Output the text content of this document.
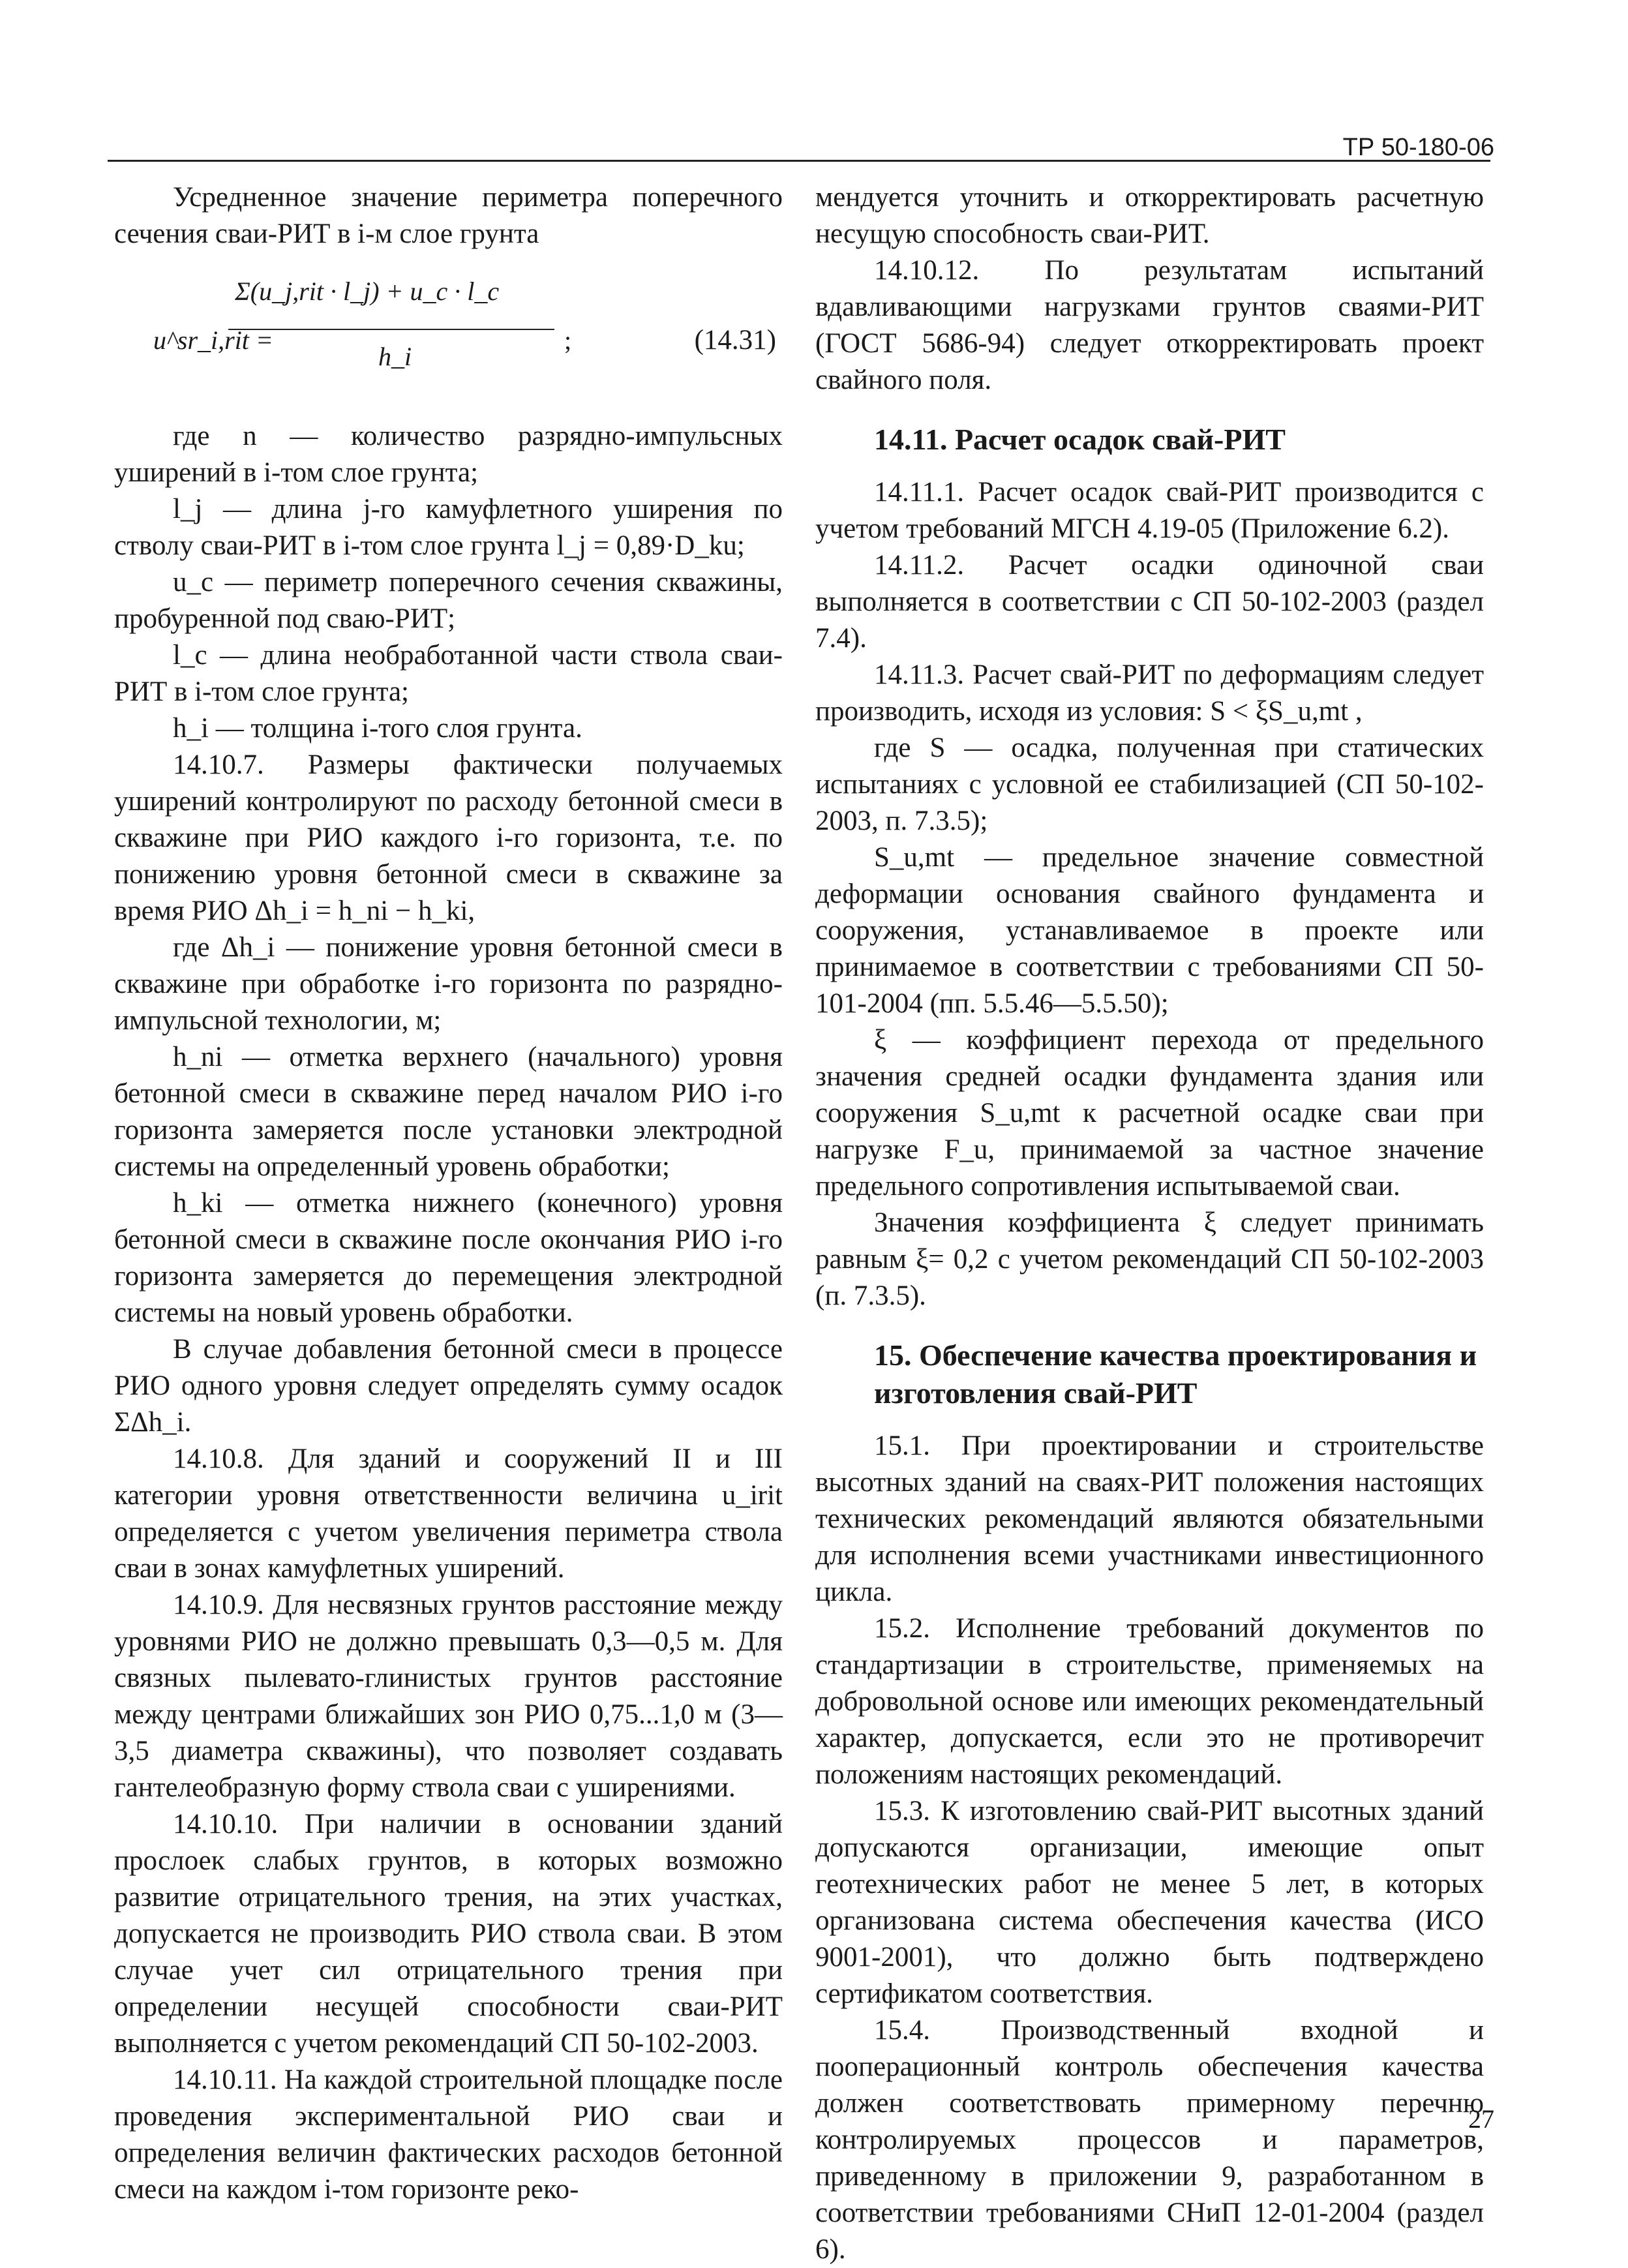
ТР 50-180-06

Усредненное значение периметра поперечного сечения сваи-РИТ в i-м слое грунта

u^sr_i,rit =
Σ(u_j,rit · l_j) + u_c · l_c
h_i
;	(14.31)

где n — количество разрядно-импульсных уширений в i-том слое грунта;

l_j — длина j-го камуфлетного уширения по стволу сваи-РИТ в i-том слое грунта l_j = 0,89·D_ku;

u_c — периметр поперечного сечения скважины, пробуренной под сваю-РИТ;

l_c — длина необработанной части ствола сваи-РИТ в i-том слое грунта;

h_i — толщина i-того слоя грунта.

14.10.7. Размеры фактически получаемых уширений контролируют по расходу бетонной смеси в скважине при РИО каждого i-го горизонта, т.е. по понижению уровня бетонной смеси в скважине за время РИО Δh_i = h_ni − h_ki,

где Δh_i — понижение уровня бетонной смеси в скважине при обработке i-го горизонта по разрядно-импульсной технологии, м;

h_ni — отметка верхнего (начального) уровня бетонной смеси в скважине перед началом РИО i-го горизонта замеряется после установки электродной системы на определенный уровень обработки;

h_ki — отметка нижнего (конечного) уровня бетонной смеси в скважине после окончания РИО i-го горизонта замеряется до перемещения электродной системы на новый уровень обработки.

В случае добавления бетонной смеси в процессе РИО одного уровня следует определять сумму осадок ΣΔh_i.

14.10.8. Для зданий и сооружений II и III категории уровня ответственности величина u_irit определяется с учетом увеличения периметра ствола сваи в зонах камуфлетных уширений.

14.10.9. Для несвязных грунтов расстояние между уровнями РИО не должно превышать 0,3—0,5 м. Для связных пылевато-глинистых грунтов расстояние между центрами ближайших зон РИО 0,75...1,0 м (3—3,5 диаметра скважины), что позволяет создавать гантелеобразную форму ствола сваи с уширениями.

14.10.10. При наличии в основании зданий прослоек слабых грунтов, в которых возможно развитие отрицательного трения, на этих участках, допускается не производить РИО ствола сваи. В этом случае учет сил отрицательного трения при определении несущей способности сваи-РИТ выполняется с учетом рекомендаций СП 50-102-2003.

14.10.11. На каждой строительной площадке после проведения экспериментальной РИО сваи и определения величин фактических расходов бетонной смеси на каждом i-том горизонте реко-

мендуется уточнить и откорректировать расчетную несущую способность сваи-РИТ.

14.10.12. По результатам испытаний вдавливающими нагрузками грунтов сваями-РИТ (ГОСТ 5686-94) следует откорректировать проект свайного поля.

14.11. Расчет осадок свай-РИТ

14.11.1. Расчет осадок свай-РИТ производится с учетом требований МГСН 4.19-05 (Приложение 6.2).

14.11.2. Расчет осадки одиночной сваи выполняется в соответствии с СП 50-102-2003 (раздел 7.4).

14.11.3. Расчет свай-РИТ по деформациям следует производить, исходя из условия: S < ξS_u,mt ,

где S — осадка, полученная при статических испытаниях с условной ее стабилизацией (СП 50-102-2003, п. 7.3.5);

S_u,mt — предельное значение совместной деформации основания свайного фундамента и сооружения, устанавливаемое в проекте или принимаемое в соответствии с требованиями СП 50-101-2004 (пп. 5.5.46—5.5.50);

ξ — коэффициент перехода от предельного значения средней осадки фундамента здания или сооружения S_u,mt к расчетной осадке сваи при нагрузке F_u, принимаемой за частное значение предельного сопротивления испытываемой сваи.

Значения коэффициента ξ следует принимать равным ξ= 0,2 с учетом рекомендаций СП 50-102-2003 (п. 7.3.5).

15. Обеспечение качества проектирования и изготовления свай-РИТ

15.1. При проектировании и строительстве высотных зданий на сваях-РИТ положения настоящих технических рекомендаций являются обязательными для исполнения всеми участниками инвестиционного цикла.

15.2. Исполнение требований документов по стандартизации в строительстве, применяемых на добровольной основе или имеющих рекомендательный характер, допускается, если это не противоречит положениям настоящих рекомендаций.

15.3. К изготовлению свай-РИТ высотных зданий допускаются организации, имеющие опыт геотехнических работ не менее 5 лет, в которых организована система обеспечения качества (ИСО 9001-2001), что должно быть подтверждено сертификатом соответствия.

15.4. Производственный входной и пооперационный контроль обеспечения качества должен соответствовать примерному перечню контролируемых процессов и параметров, приведенному в приложении 9, разработанном в соответствии требованиями СНиП 12-01-2004 (раздел 6).

27
